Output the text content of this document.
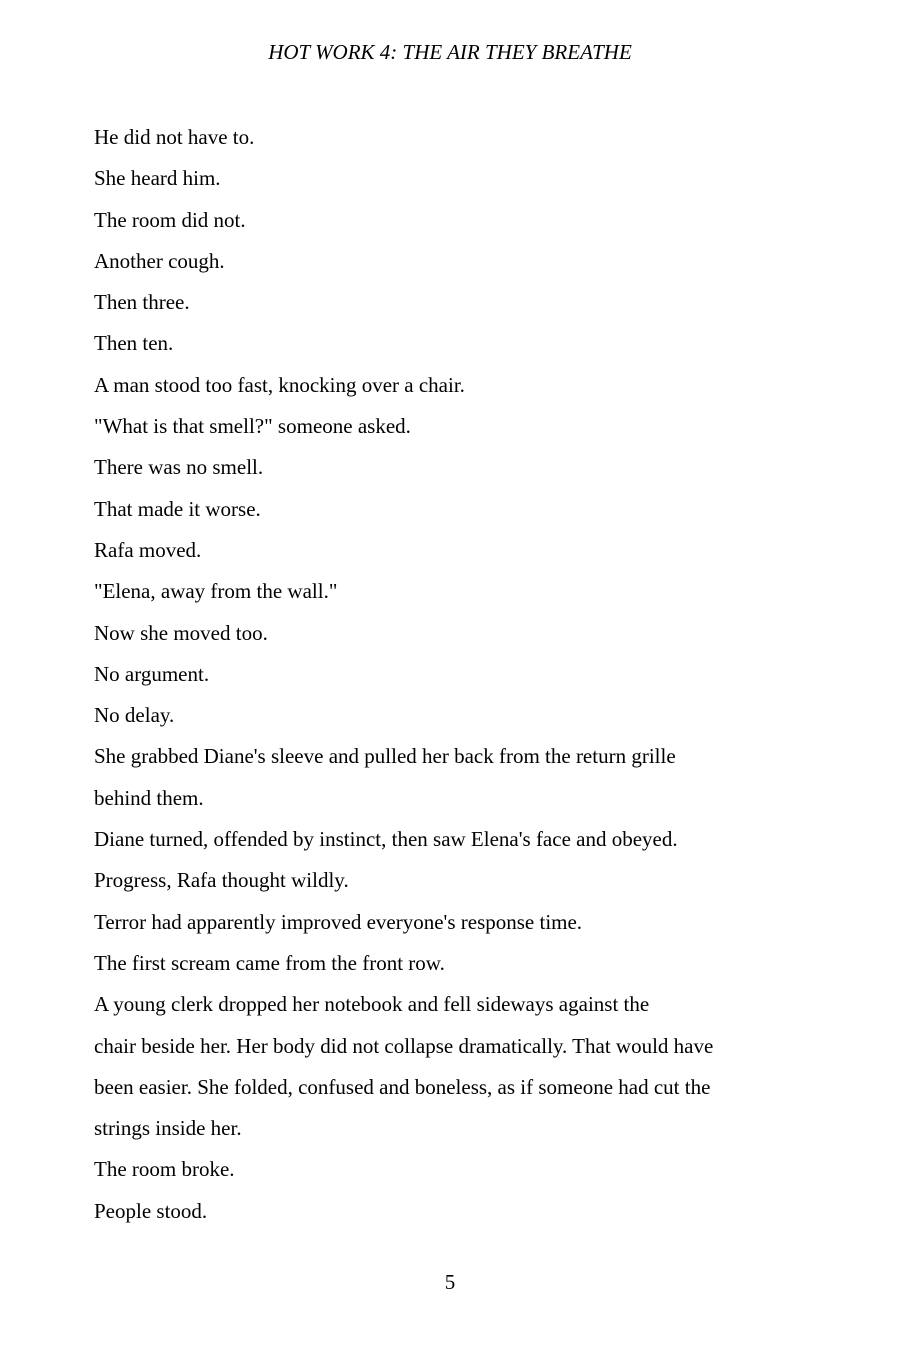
HOT WORK 4: THE AIR THEY BREATHE
He did not have to.
She heard him.
The room did not.
Another cough.
Then three.
Then ten.
A man stood too fast, knocking over a chair.
"What is that smell?" someone asked.
There was no smell.
That made it worse.
Rafa moved.
"Elena, away from the wall."
Now she moved too.
No argument.
No delay.
She grabbed Diane's sleeve and pulled her back from the return grille
behind them.
Diane turned, offended by instinct, then saw Elena's face and obeyed.
Progress, Rafa thought wildly.
Terror had apparently improved everyone's response time.
The first scream came from the front row.
A young clerk dropped her notebook and fell sideways against the
chair beside her. Her body did not collapse dramatically. That would have
been easier. She folded, confused and boneless, as if someone had cut the
strings inside her.
The room broke.
People stood.
5
